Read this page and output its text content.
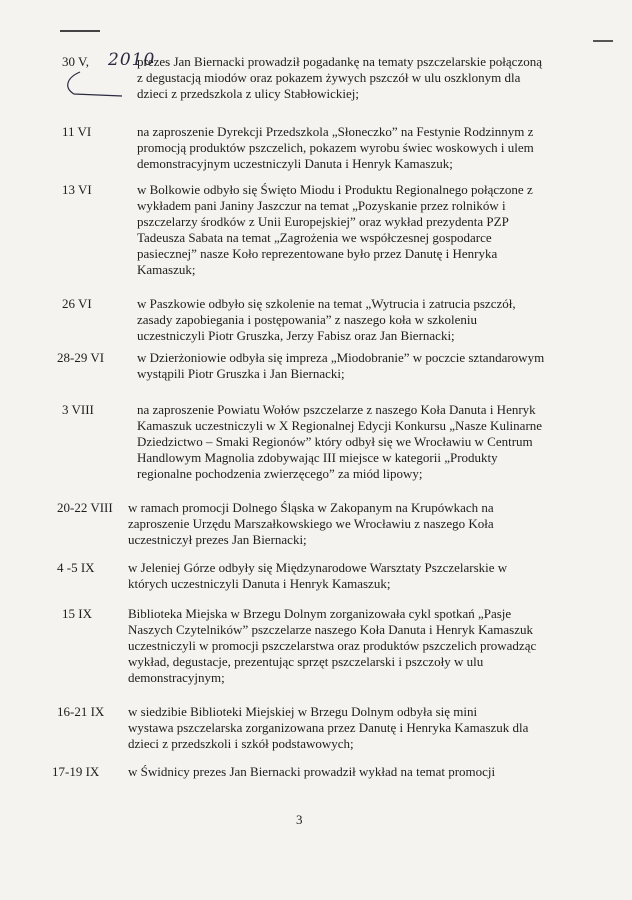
2010
30 V,	prezes Jan Biernacki prowadził pogadankę na tematy pszczelarskie połączoną
z degustacją miodów oraz pokazem żywych pszczół w ulu oszklonym dla
dzieci z przedszkola z ulicy Stabłowickiej;
11 VI	na zaproszenie Dyrekcji Przedszkola „Słoneczko” na Festynie Rodzinnym z
promocją produktów pszczelich, pokazem wyrobu świec woskowych i ulem
demonstracyjnym uczestniczyli Danuta i Henryk Kamaszuk;
13 VI	w Bolkowie odbyło się Święto Miodu i Produktu Regionalnego połączone z
wykładem pani Janiny Jaszczur na temat „Pozyskanie przez rolników i
pszczelarzy środków z Unii Europejskiej” oraz wykład prezydenta PZP
Tadeusza Sabata na temat „Zagrożenia we współczesnej gospodarce
pasiecznej” nasze Koło reprezentowane było przez Danutę i Henryka
Kamaszuk;
26 VI	w Paszkowie odbyło się szkolenie na temat „Wytrucia i zatrucia pszczół,
zasady zapobiegania i postępowania” z naszego koła w szkoleniu
uczestniczyli Piotr Gruszka, Jerzy Fabisz oraz Jan Biernacki;
28-29 VI	w Dzierżoniowie odbyła się impreza „Miodobranie” w poczcie sztandarowym
wystąpili Piotr Gruszka i Jan Biernacki;
3 VIII	na zaproszenie Powiatu Wołów pszczelarze z naszego Koła Danuta i Henryk
Kamaszuk uczestniczyli w X Regionalnej Edycji Konkursu „Nasze Kulinarne
Dziedzictwo – Smaki Regionów” który odbył się we Wrocławiu w Centrum
Handlowym Magnolia zdobywając III miejsce w kategorii „Produkty
regionalne pochodzenia zwierzęcego” za miód lipowy;
20-22 VIII w ramach promocji Dolnego Śląska w Zakopanym na Krupówkach na
zaproszenie Urzędu Marszałkowskiego we Wrocławiu z naszego Koła
uczestniczył prezes Jan Biernacki;
4 -5 IX	w Jeleniej Górze odbyły się Międzynarodowe Warsztaty Pszczelarskie w
których uczestniczyli Danuta i Henryk Kamaszuk;
15 IX	Biblioteka Miejska w Brzegu Dolnym zorganizowała cykl spotkań „Pasje
Naszych Czytelników” pszczelarze naszego Koła Danuta i Henryk Kamaszuk
uczestniczyli w promocji pszczelarstwa oraz produktów pszczelich prowadząc
wykład, degustacje, prezentując sprzęt pszczelarski i pszczoły w ulu
demonstracyjnym;
16-21 IX w siedzibie Biblioteki Miejskiej w Brzegu Dolnym odbyła się mini
wystawa pszczelarska zorganizowana przez Danutę i Henryka Kamaszuk dla
dzieci z przedszkoli i szkół podstawowych;
17-19 IX w Świdnicy prezes Jan Biernacki prowadził wykład na temat promocji
3
